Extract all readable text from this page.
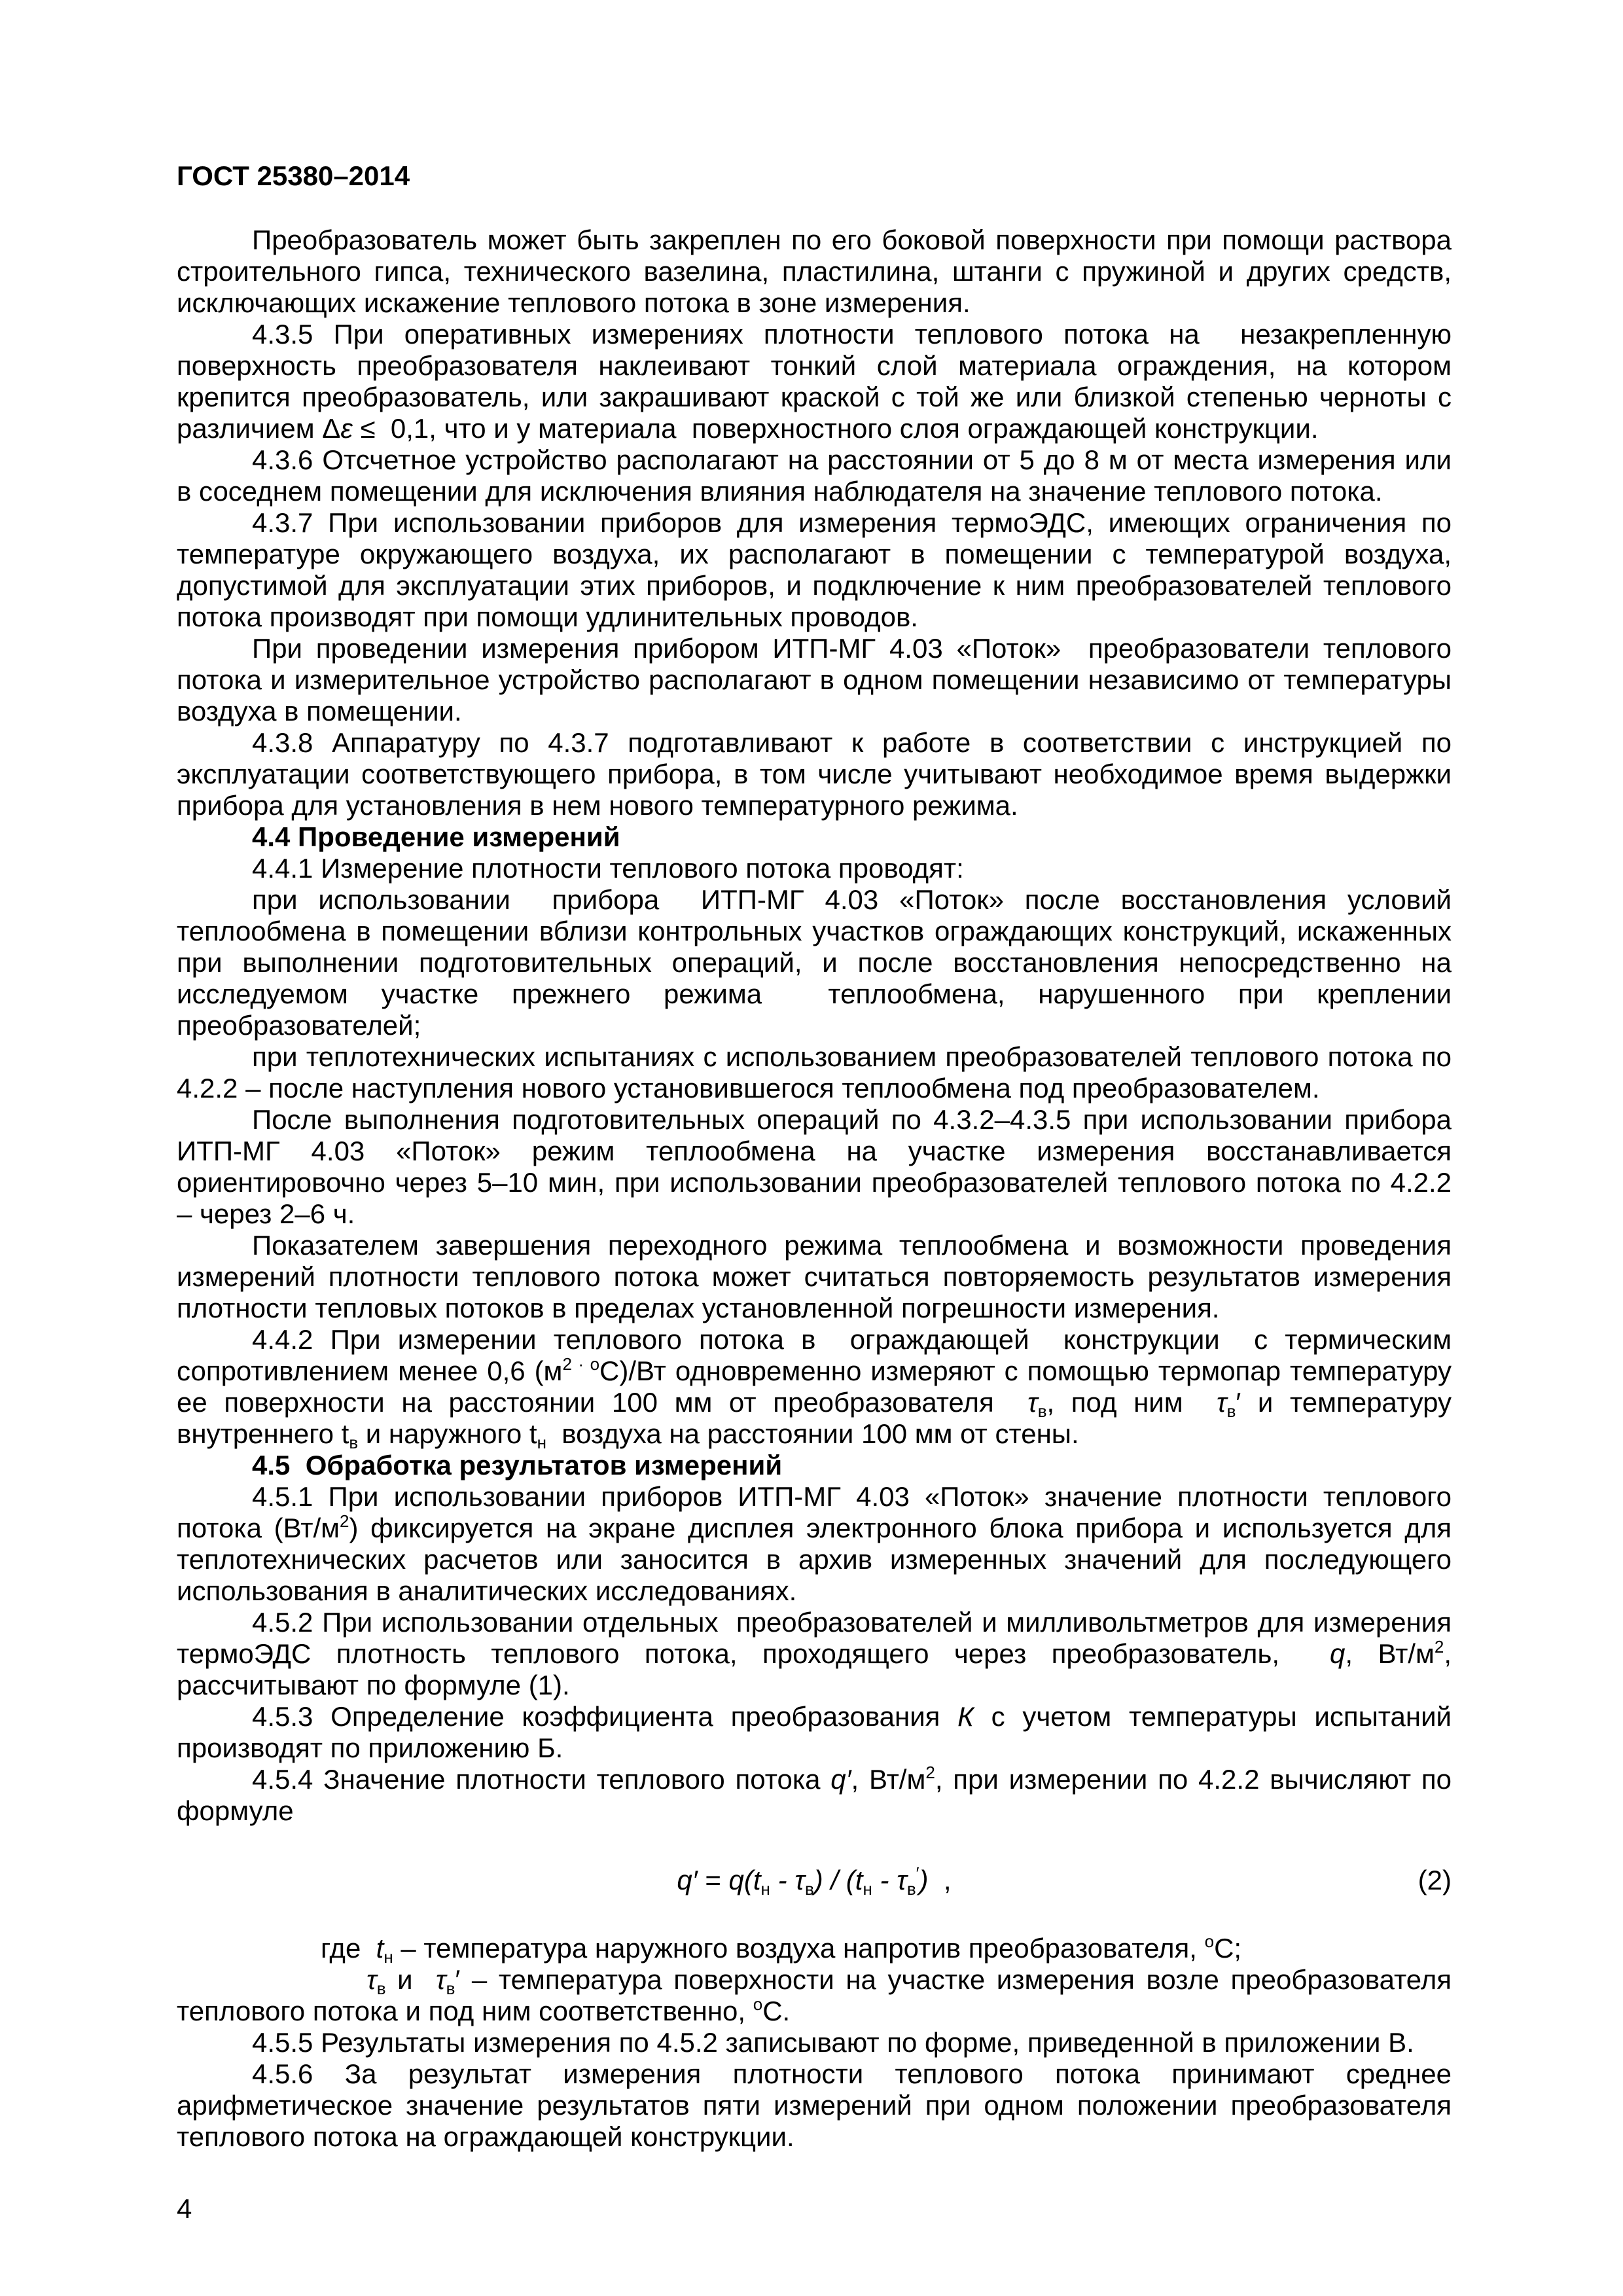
ГОСТ 25380–2014
Преобразователь может быть закреплен по его боковой поверхности при помощи раствора строительного гипса, технического вазелина, пластилина, штанги с пружиной и других средств, исключающих искажение теплового потока в зоне измерения.
4.3.5 При оперативных измерениях плотности теплового потока на  незакрепленную поверхность преобразователя наклеивают тонкий слой материала ограждения, на котором крепится преобразователь, или закрашивают краской с той же или близкой степенью черноты с различием Δε ≤  0,1, что и у материала  поверхностного слоя ограждающей конструкции.
4.3.6 Отсчетное устройство располагают на расстоянии от 5 до 8 м от места измерения или в соседнем помещении для исключения влияния наблюдателя на значение теплового потока.
4.3.7 При использовании приборов для измерения термоЭДС, имеющих ограничения по температуре окружающего воздуха, их располагают в помещении с температурой воздуха, допустимой для эксплуатации этих приборов, и подключение к ним преобразователей теплового потока производят при помощи удлинительных проводов.
При проведении измерения прибором ИТП-МГ 4.03 «Поток»  преобразователи теплового потока и измерительное устройство располагают в одном помещении независимо от температуры воздуха в помещении.
4.3.8 Аппаратуру по 4.3.7 подготавливают к работе в соответствии с инструкцией по эксплуатации соответствующего прибора, в том числе учитывают необходимое время выдержки прибора для установления в нем нового температурного режима.
4.4 Проведение измерений
4.4.1 Измерение плотности теплового потока проводят:
при использовании  прибора  ИТП-МГ 4.03 «Поток» после восстановления условий теплообмена в помещении вблизи контрольных участков ограждающих конструкций, искаженных при выполнении подготовительных операций, и после восстановления непосредственно на исследуемом участке прежнего режима  теплообмена, нарушенного при креплении преобразователей;
при теплотехнических испытаниях с использованием преобразователей теплового потока по 4.2.2 – после наступления нового установившегося теплообмена под преобразователем.
После выполнения подготовительных операций по 4.3.2–4.3.5 при использовании прибора ИТП-МГ 4.03 «Поток» режим теплообмена на участке измерения восстанавливается ориентировочно через 5–10 мин, при использовании преобразователей теплового потока по 4.2.2 – через 2–6 ч.
Показателем завершения переходного режима теплообмена и возможности проведения измерений плотности теплового потока может считаться повторяемость результатов измерения плотности тепловых потоков в пределах установленной погрешности измерения.
4.4.2 При измерении теплового потока в  ограждающей  конструкции  с термическим сопротивлением менее 0,6 $(м^{2 \cdot о}С)/Вт$ одновременно измеряют с помощью термопар температуру ее поверхности на расстоянии 100 мм от преобразователя  $\tau_в$, под ним  $\tau_в'$ и температуру внутреннего $t_в$ и наружного $t_н$  воздуха на расстоянии 100 мм от стены.
4.5  Обработка результатов измерений
4.5.1 При использовании приборов ИТП-МГ 4.03 «Поток» значение плотности теплового потока $(Вт/м^2)$ фиксируется на экране дисплея электронного блока прибора и используется для теплотехнических расчетов или заносится в архив измеренных значений для последующего использования в аналитических исследованиях.
4.5.2 При использовании отдельных  преобразователей и милливольтметров для измерения термоЭДС плотность теплового потока, проходящего через преобразователь,  q, $Вт/м^2$, рассчитывают по формуле (1).
4.5.3 Определение коэффициента преобразования К с учетом температуры испытаний производят по приложению Б.
4.5.4 Значение плотности теплового потока q′, $Вт/м^2$, при измерении по 4.2.2 вычисляют по формуле
$q' = q(t_н - \tau_в) / (t_н - \tau_в')$  ,	(2)
где  $t_н$ – температура наружного воздуха напротив преобразователя, $^о$С;
$\tau_в$ и  $\tau_в'$ – температура поверхности на участке измерения возле преобразователя теплового потока и под ним соответственно, $^о$С.
4.5.5 Результаты измерения по 4.5.2 записывают по форме, приведенной в приложении В.
4.5.6 За результат измерения плотности теплового потока принимают среднее арифметическое значение результатов пяти измерений при одном положении преобразователя теплового потока на ограждающей конструкции.
4
